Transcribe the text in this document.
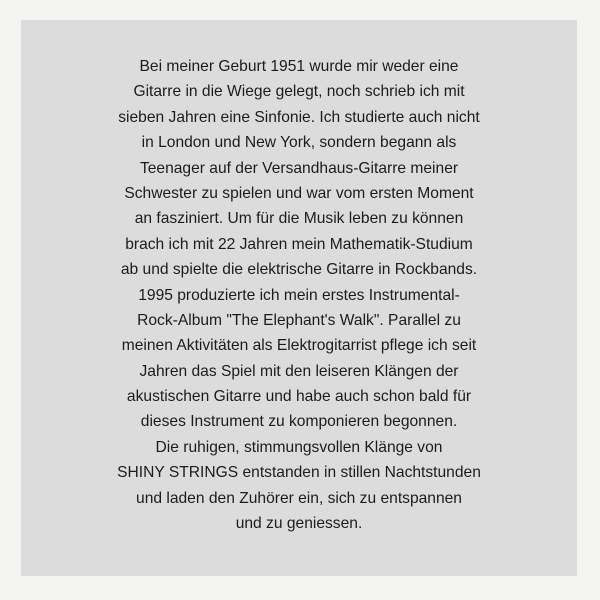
Bei meiner Geburt 1951 wurde mir weder eine
Gitarre in die Wiege gelegt, noch schrieb ich mit
sieben Jahren eine Sinfonie. Ich studierte auch nicht
in London und New York, sondern begann als
Teenager auf der Versandhaus-Gitarre meiner
Schwester zu spielen und war vom ersten Moment
an fasziniert. Um für die Musik leben zu können
brach ich mit 22 Jahren mein Mathematik-Studium
ab und spielte die elektrische Gitarre in Rockbands.
1995 produzierte ich mein erstes Instrumental-
Rock-Album "The Elephant's Walk". Parallel zu
meinen Aktivitäten als Elektrogitarrist pflege ich seit
Jahren das Spiel mit den leiseren Klängen der
akustischen Gitarre und habe auch schon bald für
dieses Instrument zu komponieren begonnen.
Die ruhigen, stimmungsvollen Klänge von
SHINY STRINGS entstanden in stillen Nachtstunden
und laden den Zuhörer ein, sich zu entspannen
und zu geniessen.
